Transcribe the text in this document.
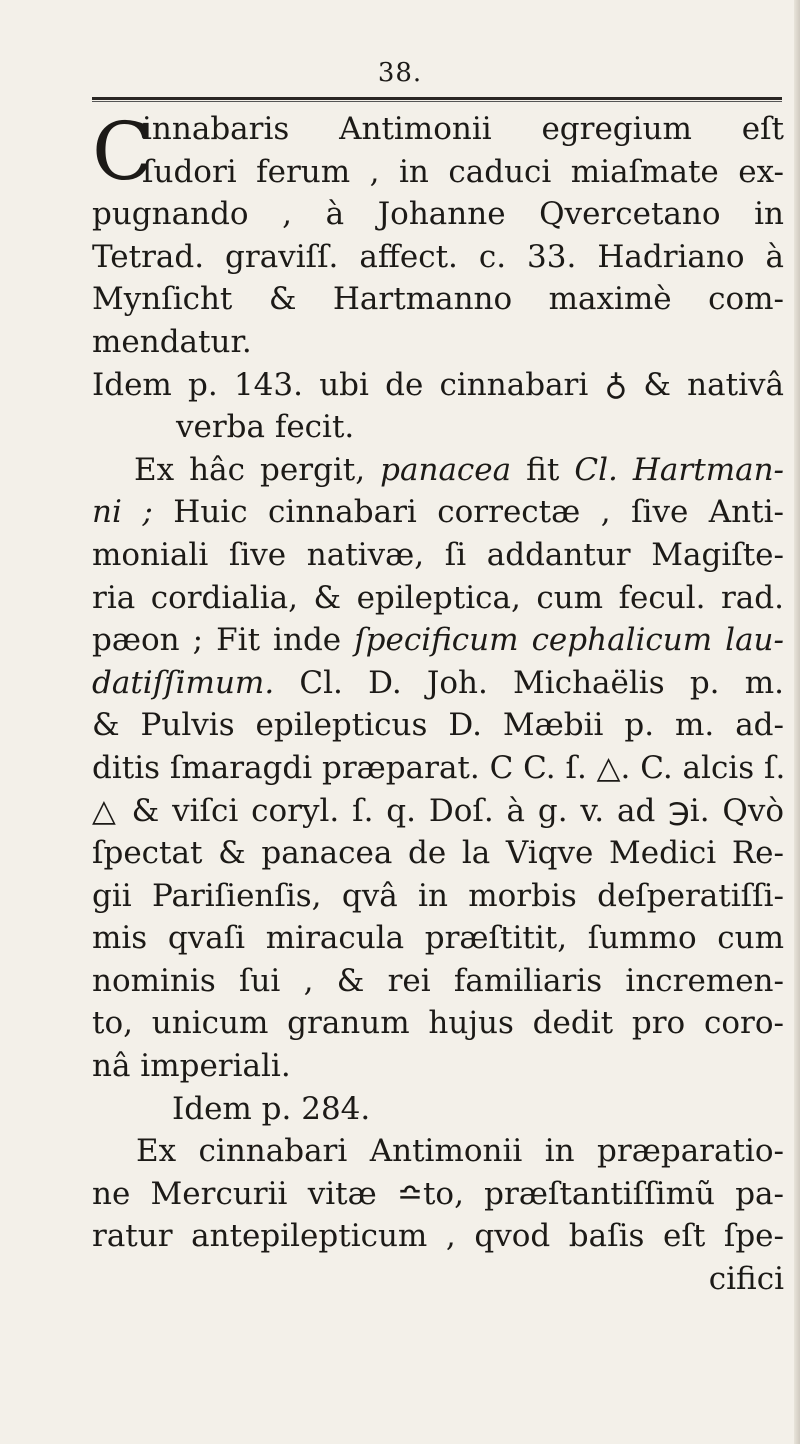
38.
C
innabaris Antimonii egregium eſt
ſudori ferum , in caduci miaſmate ex-
pugnando , à Johanne Qvercetano in
Tetrad. graviſſ. affect. c. 33. Hadriano à
Mynſicht & Hartmanno maximè com-
mendatur.
Idem p. 143. ubi de cinnabari ♁ & nativâ
verba fecit.
Ex hâc pergit, panacea fit Cl. Hartman-
ni ; Huic cinnabari correctæ , ſive Anti-
moniali ſive nativæ, ſi addantur Magiſte-
ria cordialia, & epileptica, cum fecul. rad.
pæon ; Fit inde ſpecificum cephalicum lau-
datiſſimum. Cl. D. Joh. Michaëlis p. m.
& Pulvis epilepticus D. Mæbii p. m. ad-
ditis ſmaragdi præparat. C C. ſ. △. C. alcis ſ.
△ & viſci coryl. ſ. q. Doſ. à g. v. ad ℈i. Qvò
ſpectat & panacea de la Viqve Medici Re-
gii Pariſienſis, qvâ in morbis deſperatiſſi-
mis qvaſi miracula præſtitit, ſummo cum
nominis ſui , & rei familiaris incremen-
to, unicum granum hujus dedit pro coro-
nâ imperiali.
Idem p. 284.
Ex cinnabari Antimonii in præparatio-
ne Mercurii vitæ ≏to, præſtantiſſimũ pa-
ratur antepilepticum , qvod baſis eſt ſpe-
cifici
